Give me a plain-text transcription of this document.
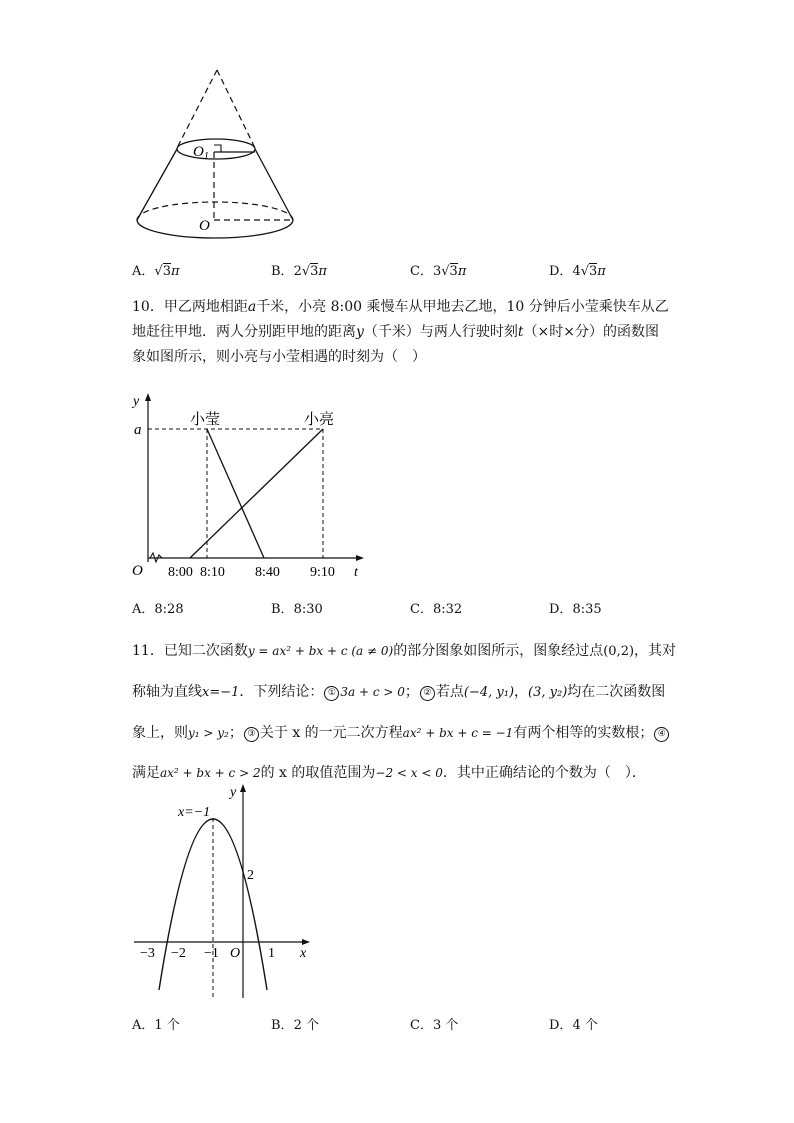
$O_1$
O
A．√3π	B．2√3π	C．3√3π	D．4√3π
10．甲乙两地相距a千米，小亮 8:00 乘慢车从甲地去乙地，10 分钟后小莹乘快车从乙
地赶往甲地．两人分别距甲地的距离y（千米）与两人行驶时刻t（×时×分）的函数图
象如图所示，则小亮与小莹相遇的时刻为（　）
y
a
小莹	小亮
O 8:00 8:10 8:40 9:10 t
A．8:28	B．8:30	C．8:32	D．8:35
11．已知二次函数y = ax² + bx + c (a ≠ 0)的部分图象如图所示，图象经过点(0,2)，其对
称轴为直线x=−1．下列结论： ① 3a + c > 0； ② 若点(−4, y₁)，(3, y₂)均在二次函数图
象上，则y₁ > y₂； ③ 关于 x 的一元二次方程ax² + bx + c = −1有两个相等的实数根； ④
满足ax² + bx + c > 2的 x 的取值范围为−2 < x < 0．其中正确结论的个数为（　）．
y
x=−1
2
−3 −2 −1 O 1 x
A．1 个	B．2 个	C．3 个	D．4 个
